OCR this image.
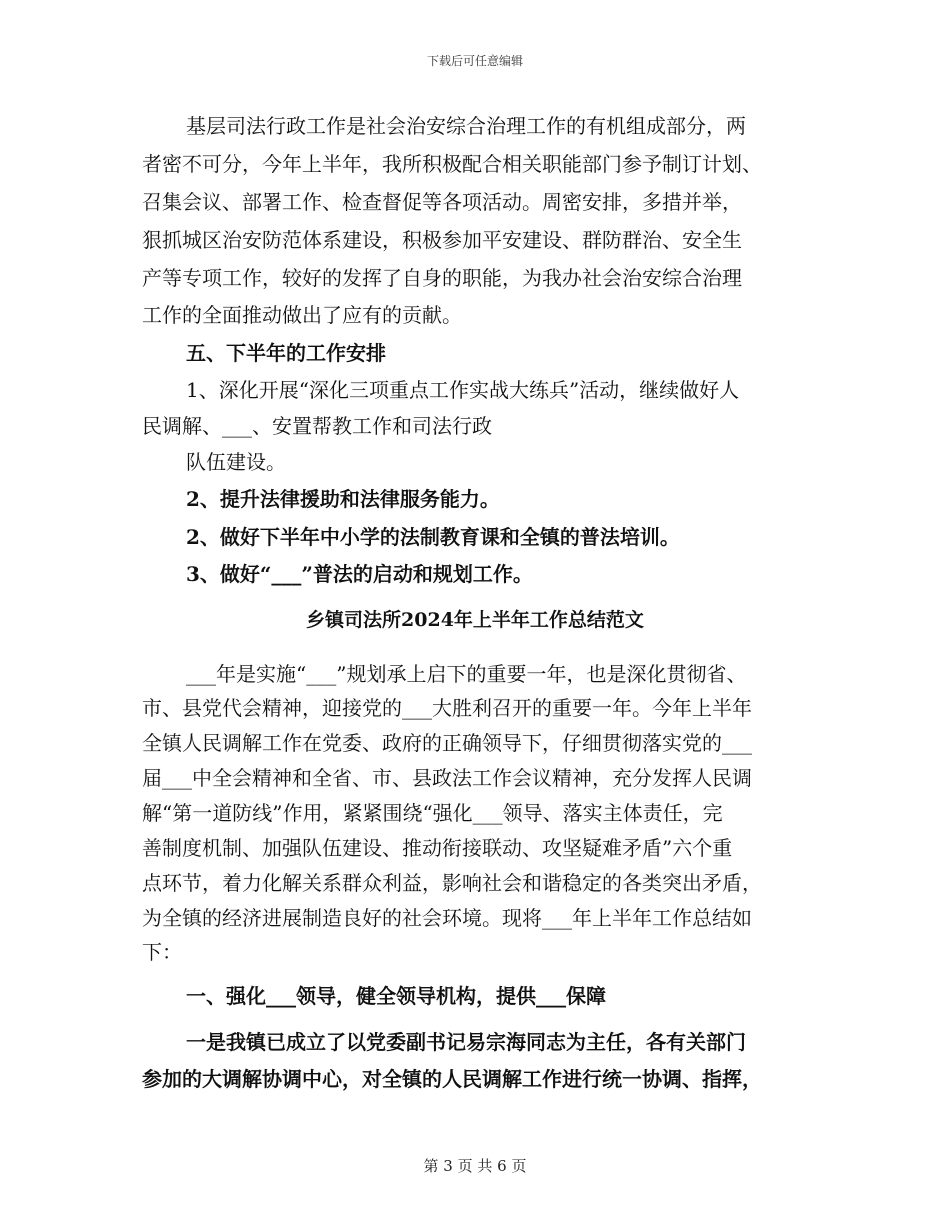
下载后可任意编辑
基层司法行政工作是社会治安综合治理工作的有机组成部分，两
者密不可分，今年上半年，我所积极配合相关职能部门参予制订计划、
召集会议、部署工作、检查督促等各项活动。周密安排，多措并举，
狠抓城区治安防范体系建设，积极参加平安建设、群防群治、安全生
产等专项工作，较好的发挥了自身的职能，为我办社会治安综合治理
工作的全面推动做出了应有的贡献。
五、下半年的工作安排
1、深化开展“深化三项重点工作实战大练兵”活动，继续做好人
民调解、___、安置帮教工作和司法行政
队伍建设。
2、提升法律援助和法律服务能力。
2、做好下半年中小学的法制教育课和全镇的普法培训。
3、做好“___”普法的启动和规划工作。
乡镇司法所2024年上半年工作总结范文
___年是实施“___”规划承上启下的重要一年，也是深化贯彻省、
市、县党代会精神，迎接党的___大胜利召开的重要一年。今年上半年
全镇人民调解工作在党委、政府的正确领导下，仔细贯彻落实党的___
届___中全会精神和全省、市、县政法工作会议精神，充分发挥人民调
解“第一道防线”作用，紧紧围绕“强化___领导、落实主体责任，完
善制度机制、加强队伍建设、推动衔接联动、攻坚疑难矛盾”六个重
点环节，着力化解关系群众利益，影响社会和谐稳定的各类突出矛盾，
为全镇的经济进展制造良好的社会环境。现将___年上半年工作总结如
下：
一、强化___领导，健全领导机构，提供___保障
一是我镇已成立了以党委副书记易宗海同志为主任，各有关部门
参加的大调解协调中心，对全镇的人民调解工作进行统一协调、指挥，
第 3 页 共 6 页
